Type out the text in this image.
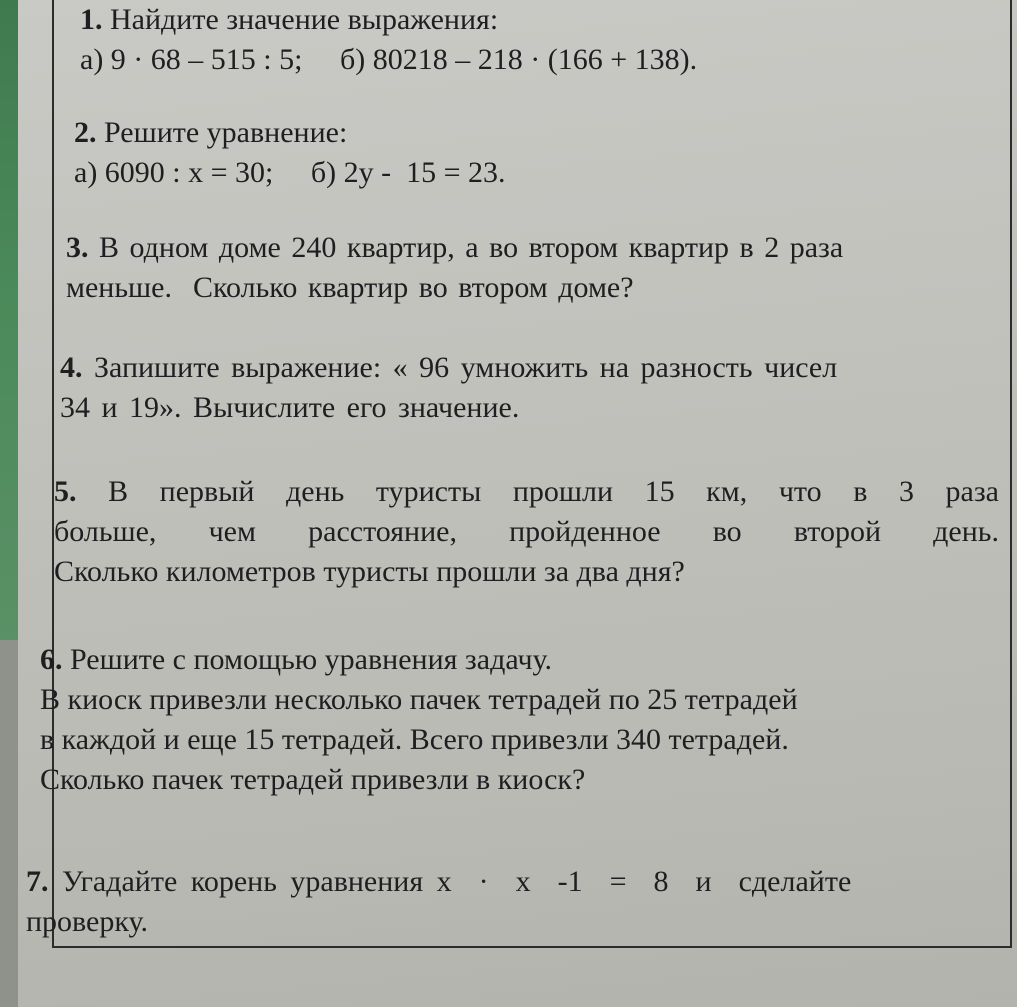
1. Найдите значение выражения:
а) 9 · 68 – 515 : 5;     б) 80218 – 218 · (166 + 138).
2. Решите уравнение:
а) 6090 : x = 30;     б) 2y -  15 = 23.
3. В одном доме 240 квартир, а во втором квартир в 2 раза
меньше.  Сколько квартир во втором доме?
4. Запишите выражение: « 96 умножить на разность чисел
34 и 19». Вычислите его значение.
5. В первый день туристы прошли 15 км, что в 3 раза
больше, чем расстояние, пройденное во второй день.
Сколько километров туристы прошли за два дня?
6. Решите с помощью уравнения задачу.
В киоск привезли несколько пачек тетрадей по 25 тетрадей
в каждой и еще 15 тетрадей. Всего привезли 340 тетрадей.
Сколько пачек тетрадей привезли в киоск?
7. Угадайте корень уравнения x  ·  x  -1  =  8  и  сделайте
проверку.
